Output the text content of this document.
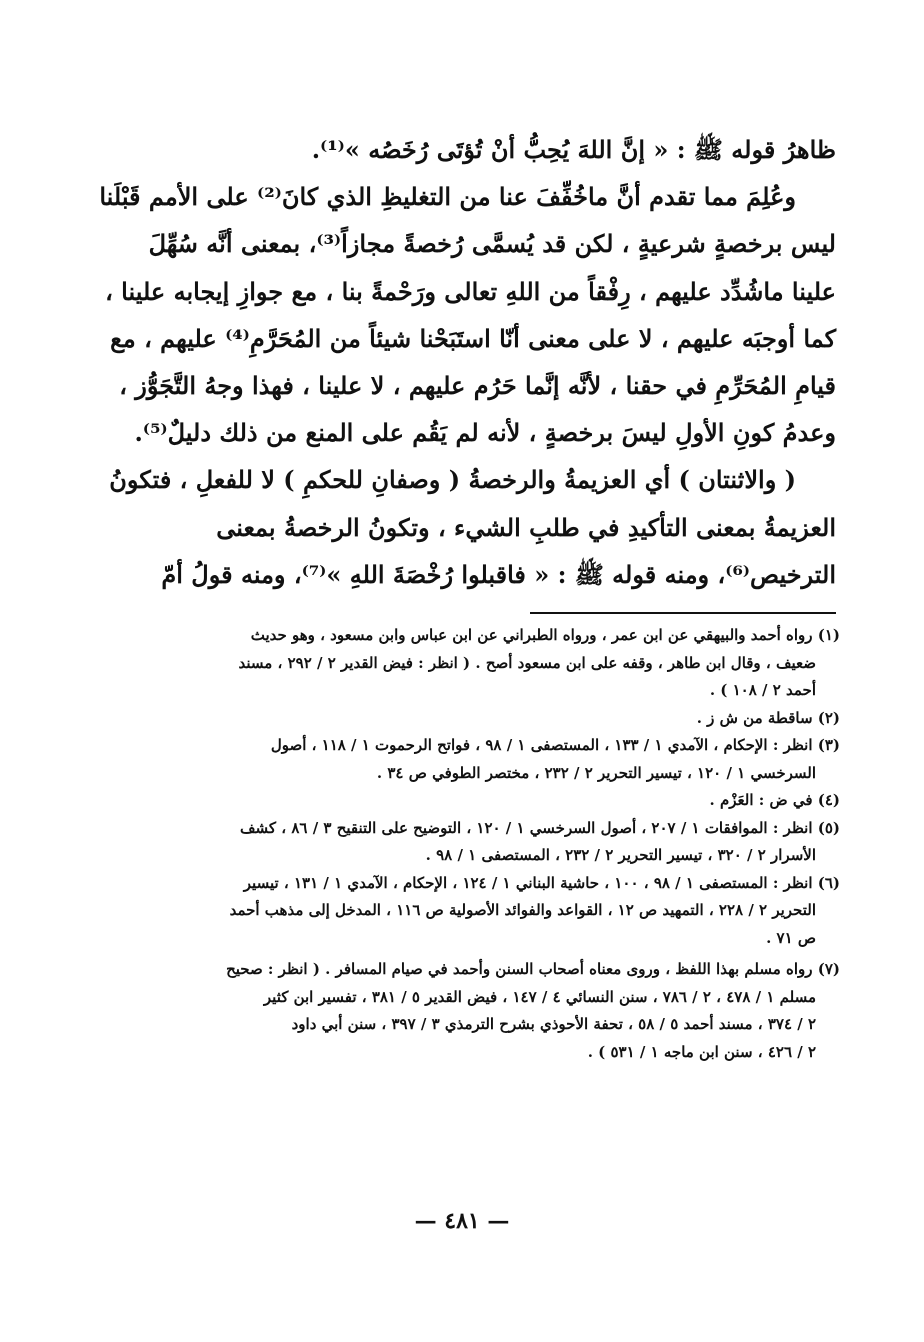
ظاهرُ قوله ﷺ : « إنَّ اللهَ يُحِبُّ أنْ تُؤتَى رُخَصُه »⁽¹⁾.
وعُلِمَ مما تقدم أنَّ ماخُفِّفَ عنا من التغليظِ الذي كانَ⁽²⁾ على الأمم قَبْلَنا
ليس برخصةٍ شرعيةٍ ، لكن قد يُسمَّى رُخصةً مجازاً⁽³⁾، بمعنى أنَّه سُهِّلَ
علينا ماشُدِّد عليهم ، رِفْقاً من اللهِ تعالى ورَحْمةً بنا ، مع جوازِ إيجابه علينا ،
كما أوجبَه عليهم ، لا على معنى أنّا استَبَحْنا شيئاً من المُحَرَّمِ⁽⁴⁾ عليهم ، مع
قيامِ المُحَرِّمِ في حقنا ، لأنَّه إنَّما حَرُم عليهم ، لا علينا ، فهذا وجهُ التَّجَوُّز ،
وعدمُ كونِ الأولِ ليسَ برخصةٍ ، لأنه لم يَقُم على المنع من ذلك دليلٌ⁽⁵⁾.
( والاثنتان ) أي العزيمةُ والرخصةُ ( وصفانِ للحكمِ ) لا للفعلِ ، فتكونُ
العزيمةُ بمعنى التأكيدِ في طلبِ الشيء ، وتكونُ الرخصةُ بمعنى
الترخيص⁽⁶⁾، ومنه قوله ﷺ : « فاقبلوا رُخْصَةَ اللهِ »⁽⁷⁾، ومنه قولُ أمّ
(١) رواه أحمد والبيهقي عن ابن عمر ، ورواه الطبراني عن ابن عباس وابن مسعود ، وهو حديث
ضعيف ، وقال ابن طاهر ، وقفه على ابن مسعود أصح . ( انظر : فيض القدير ٢ / ٢٩٢ ، مسند
أحمد ٢ / ١٠٨ ) .
(٢) ساقطة من ش ز .
(٣) انظر : الإحكام ، الآمدي ١ / ١٣٣ ، المستصفى ١ / ٩٨ ، فواتح الرحموت ١ / ١١٨ ، أصول
السرخسي ١ / ١٢٠ ، تيسير التحرير ٢ / ٢٣٢ ، مختصر الطوفي ص ٣٤ .
(٤) في ض : العَزْم .
(٥) انظر : الموافقات ١ / ٢٠٧ ، أصول السرخسي ١ / ١٢٠ ، التوضيح على التنقيح ٣ / ٨٦ ، كشف
الأسرار ٢ / ٣٢٠ ، تيسير التحرير ٢ / ٢٣٢ ، المستصفى ١ / ٩٨ .
(٦) انظر : المستصفى ١ / ٩٨ ، ١٠٠ ، حاشية البناني ١ / ١٢٤ ، الإحكام ، الآمدي ١ / ١٣١ ، تيسير
التحرير ٢ / ٢٢٨ ، التمهيد ص ١٢ ، القواعد والفوائد الأصولية ص ١١٦ ، المدخل إلى مذهب أحمد
ص ٧١ .
(٧) رواه مسلم بهذا اللفظ ، وروى معناه أصحاب السنن وأحمد في صيام المسافر . ( انظر : صحيح
مسلم ١ / ٤٧٨ ، ٢ / ٧٨٦ ، سنن النسائي ٤ / ١٤٧ ، فيض القدير ٥ / ٣٨١ ، تفسير ابن كثير
٢ / ٣٧٤ ، مسند أحمد ٥ / ٥٨ ، تحفة الأحوذي بشرح الترمذي ٣ / ٣٩٧ ، سنن أبي داود
٢ / ٤٢٦ ، سنن ابن ماجه ١ / ٥٣١ ) .
— ٤٨١ —
